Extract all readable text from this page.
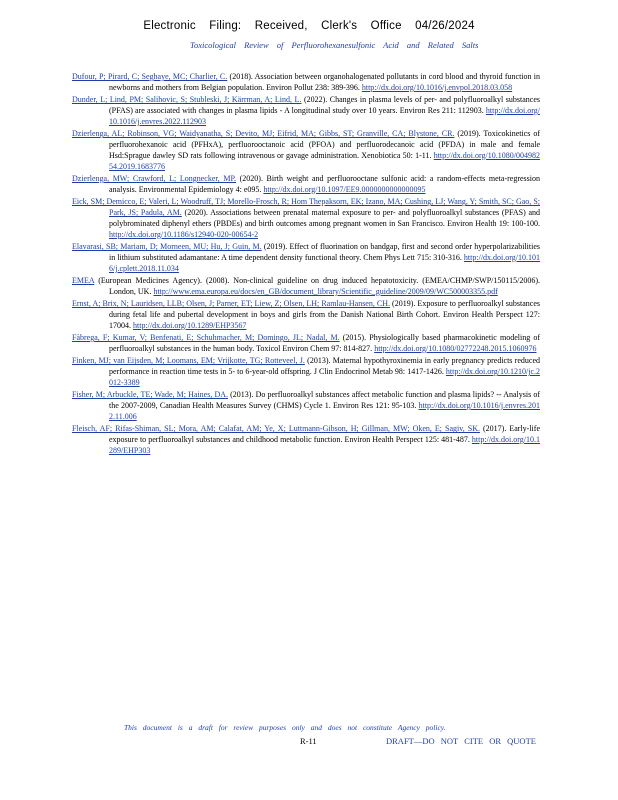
Electronic Filing: Received, Clerk's Office 04/26/2024
Toxicological Review of Perfluorohexanesulfonic Acid and Related Salts

Dufour, P; Pirard, C; Seghaye, MC; Charlier, C. (2018). Association between organohalogenated pollutants in cord blood and thyroid function in newborns and mothers from Belgian population. Environ Pollut 238: 389-396. http://dx.doi.org/10.1016/j.envpol.2018.03.058

Dunder, L; Lind, PM; Salihovic, S; Stubleski, J; Kärrman, A; Lind, L. (2022). Changes in plasma levels of per- and polyfluoroalkyl substances (PFAS) are associated with changes in plasma lipids - A longitudinal study over 10 years. Environ Res 211: 112903. http://dx.doi.org/10.1016/j.envres.2022.112903

Dzierlenga, AL; Robinson, VG; Waidyanatha, S; Devito, MJ; Eifrid, MA; Gibbs, ST; Granville, CA; Blystone, CR. (2019). Toxicokinetics of perfluorohexanoic acid (PFHxA), perfluorooctanoic acid (PFOA) and perfluorodecanoic acid (PFDA) in male and female Hsd:Sprague dawley SD rats following intravenous or gavage administration. Xenobiotica 50: 1-11. http://dx.doi.org/10.1080/00498254.2019.1683776

Dzierlenga, MW; Crawford, L; Longnecker, MP. (2020). Birth weight and perfluorooctane sulfonic acid: a random-effects meta-regression analysis. Environmental Epidemiology 4: e095. http://dx.doi.org/10.1097/EE9.0000000000000095

Eick, SM; Demicco, E; Valeri, L; Woodruff, TJ; Morello-Frosch, R; Hom Thepaksorn, EK; Izano, MA; Cushing, LJ; Wang, Y; Smith, SC; Gao, S; Park, JS; Padula, AM. (2020). Associations between prenatal maternal exposure to per- and polyfluoroalkyl substances (PFAS) and polybrominated diphenyl ethers (PBDEs) and birth outcomes among pregnant women in San Francisco. Environ Health 19: 100-100. http://dx.doi.org/10.1186/s12940-020-00654-2

Elavarasi, SB; Mariam, D; Morneen, MU; Hu, J; Guin, M. (2019). Effect of fluorination on bandgap, first and second order hyperpolarizabilities in lithium substituted adamantane: A time dependent density functional theory. Chem Phys Lett 715: 310-316. http://dx.doi.org/10.1016/j.cplett.2018.11.034

EMEA (European Medicines Agency). (2008). Non-clinical guideline on drug induced hepatotoxicity. (EMEA/CHMP/SWP/150115/2006). London, UK. http://www.ema.europa.eu/docs/en_GB/document_library/Scientific_guideline/2009/09/WC500003355.pdf

Ernst, A; Brix, N; Lauridsen, LLB; Olsen, J; Parner, ET; Liew, Z; Olsen, LH; Ramlau-Hansen, CH. (2019). Exposure to perfluoroalkyl substances during fetal life and pubertal development in boys and girls from the Danish National Birth Cohort. Environ Health Perspect 127: 17004. http://dx.doi.org/10.1289/EHP3567

Fàbrega, F; Kumar, V; Benfenati, E; Schuhmacher, M; Domingo, JL; Nadal, M. (2015). Physiologically based pharmacokinetic modeling of perfluoroalkyl substances in the human body. Toxicol Environ Chem 97: 814-827. http://dx.doi.org/10.1080/02772248.2015.1060976

Finken, MJ; van Eijsden, M; Loomans, EM; Vrijkotte, TG; Rotteveel, J. (2013). Maternal hypothyroxinemia in early pregnancy predicts reduced performance in reaction time tests in 5- to 6-year-old offspring. J Clin Endocrinol Metab 98: 1417-1426. http://dx.doi.org/10.1210/jc.2012-3389

Fisher, M; Arbuckle, TE; Wade, M; Haines, DA. (2013). Do perfluoroalkyl substances affect metabolic function and plasma lipids? -- Analysis of the 2007-2009, Canadian Health Measures Survey (CHMS) Cycle 1. Environ Res 121: 95-103. http://dx.doi.org/10.1016/j.envres.2012.11.006

Fleisch, AF; Rifas-Shiman, SL; Mora, AM; Calafat, AM; Ye, X; Luttmann-Gibson, H; Gillman, MW; Oken, E; Sagiv, SK. (2017). Early-life exposure to perfluoroalkyl substances and childhood metabolic function. Environ Health Perspect 125: 481-487. http://dx.doi.org/10.1289/EHP303

This document is a draft for review purposes only and does not constitute Agency policy.
R-11	DRAFT—DO NOT CITE OR QUOTE
